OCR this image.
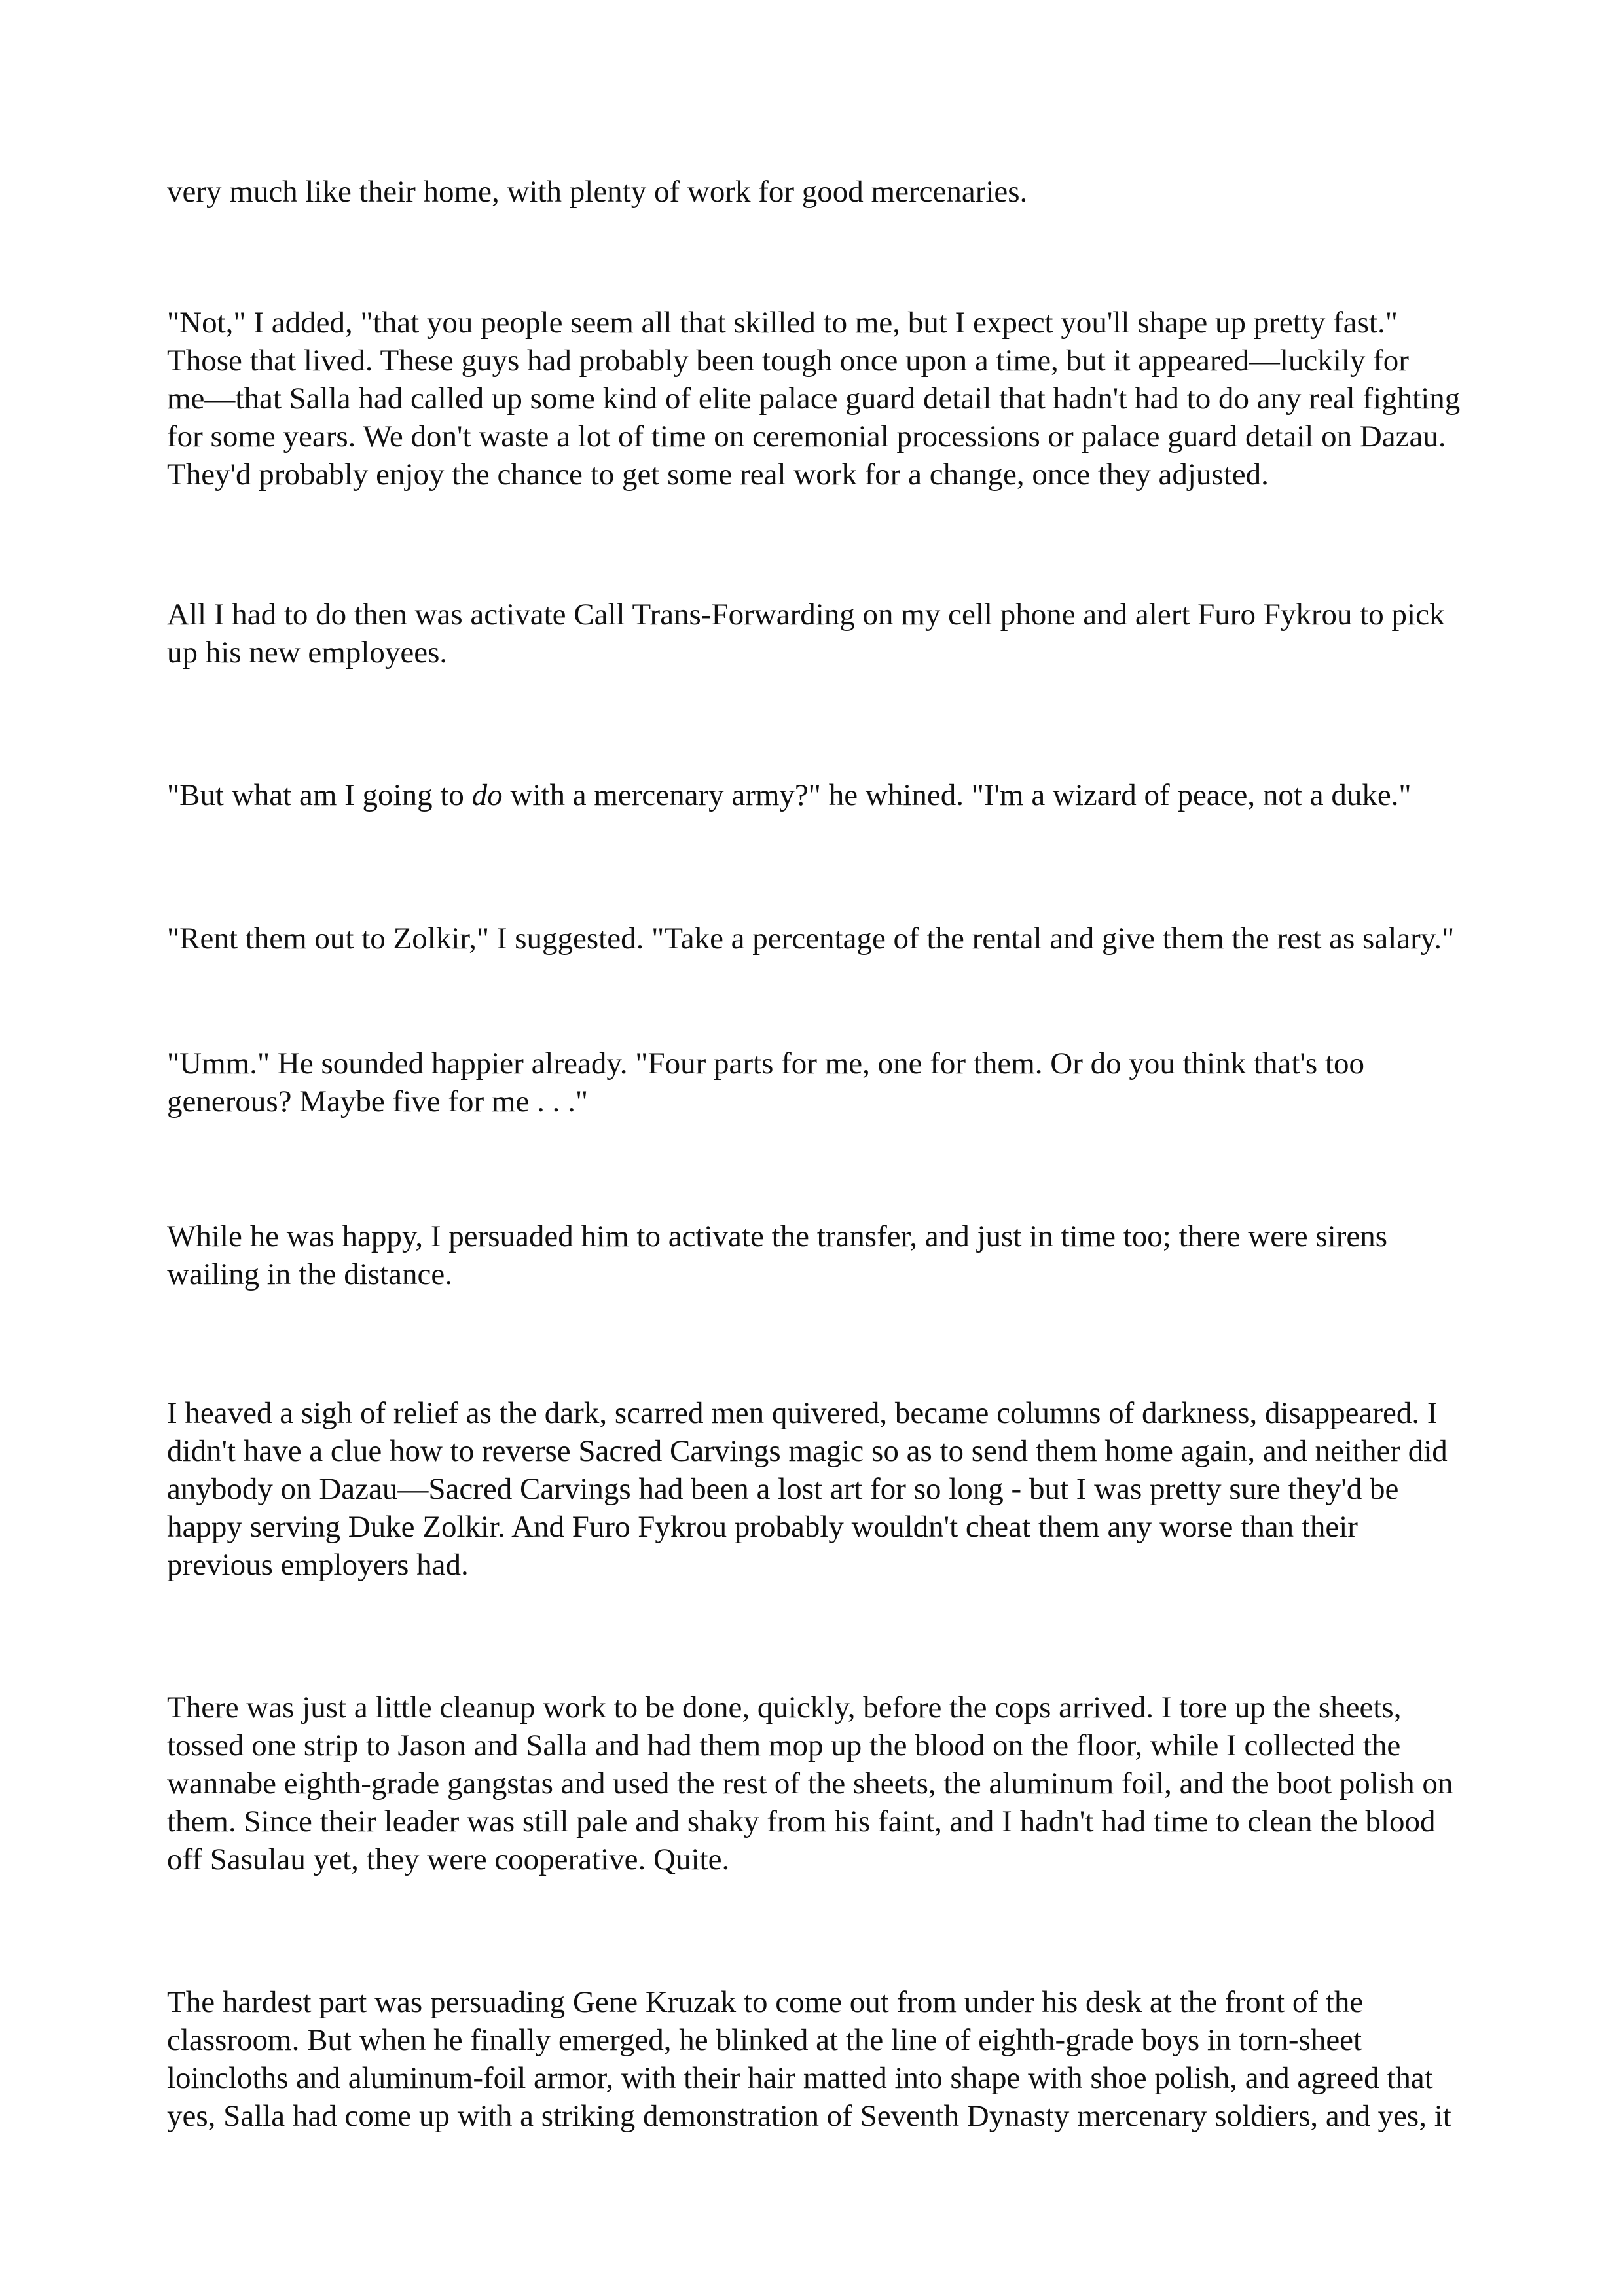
very much like their home, with plenty of work for good mercenaries.
"Not," I added, "that you people seem all that skilled to me, but I expect you'll shape up pretty fast."
Those that lived. These guys had probably been tough once upon a time, but it appeared—luckily for
me—that Salla had called up some kind of elite palace guard detail that hadn't had to do any real fighting
for some years. We don't waste a lot of time on ceremonial processions or palace guard detail on Dazau.
They'd probably enjoy the chance to get some real work for a change, once they adjusted.
All I had to do then was activate Call Trans-Forwarding on my cell phone and alert Furo Fykrou to pick
up his new employees.
"But what am I going to do with a mercenary army?" he whined. "I'm a wizard of peace, not a duke."
"Rent them out to Zolkir," I suggested. "Take a percentage of the rental and give them the rest as salary."
"Umm." He sounded happier already. "Four parts for me, one for them. Or do you think that's too
generous? Maybe five for me . . ."
While he was happy, I persuaded him to activate the transfer, and just in time too; there were sirens
wailing in the distance.
I heaved a sigh of relief as the dark, scarred men quivered, became columns of darkness, disappeared. I
didn't have a clue how to reverse Sacred Carvings magic so as to send them home again, and neither did
anybody on Dazau—Sacred Carvings had been a lost art for so long - but I was pretty sure they'd be
happy serving Duke Zolkir. And Furo Fykrou probably wouldn't cheat them any worse than their
previous employers had.
There was just a little cleanup work to be done, quickly, before the cops arrived. I tore up the sheets,
tossed one strip to Jason and Salla and had them mop up the blood on the floor, while I collected the
wannabe eighth-grade gangstas and used the rest of the sheets, the aluminum foil, and the boot polish on
them. Since their leader was still pale and shaky from his faint, and I hadn't had time to clean the blood
off Sasulau yet, they were cooperative. Quite.
The hardest part was persuading Gene Kruzak to come out from under his desk at the front of the
classroom. But when he finally emerged, he blinked at the line of eighth-grade boys in torn-sheet
loincloths and aluminum-foil armor, with their hair matted into shape with shoe polish, and agreed that
yes, Salla had come up with a striking demonstration of Seventh Dynasty mercenary soldiers, and yes, it
